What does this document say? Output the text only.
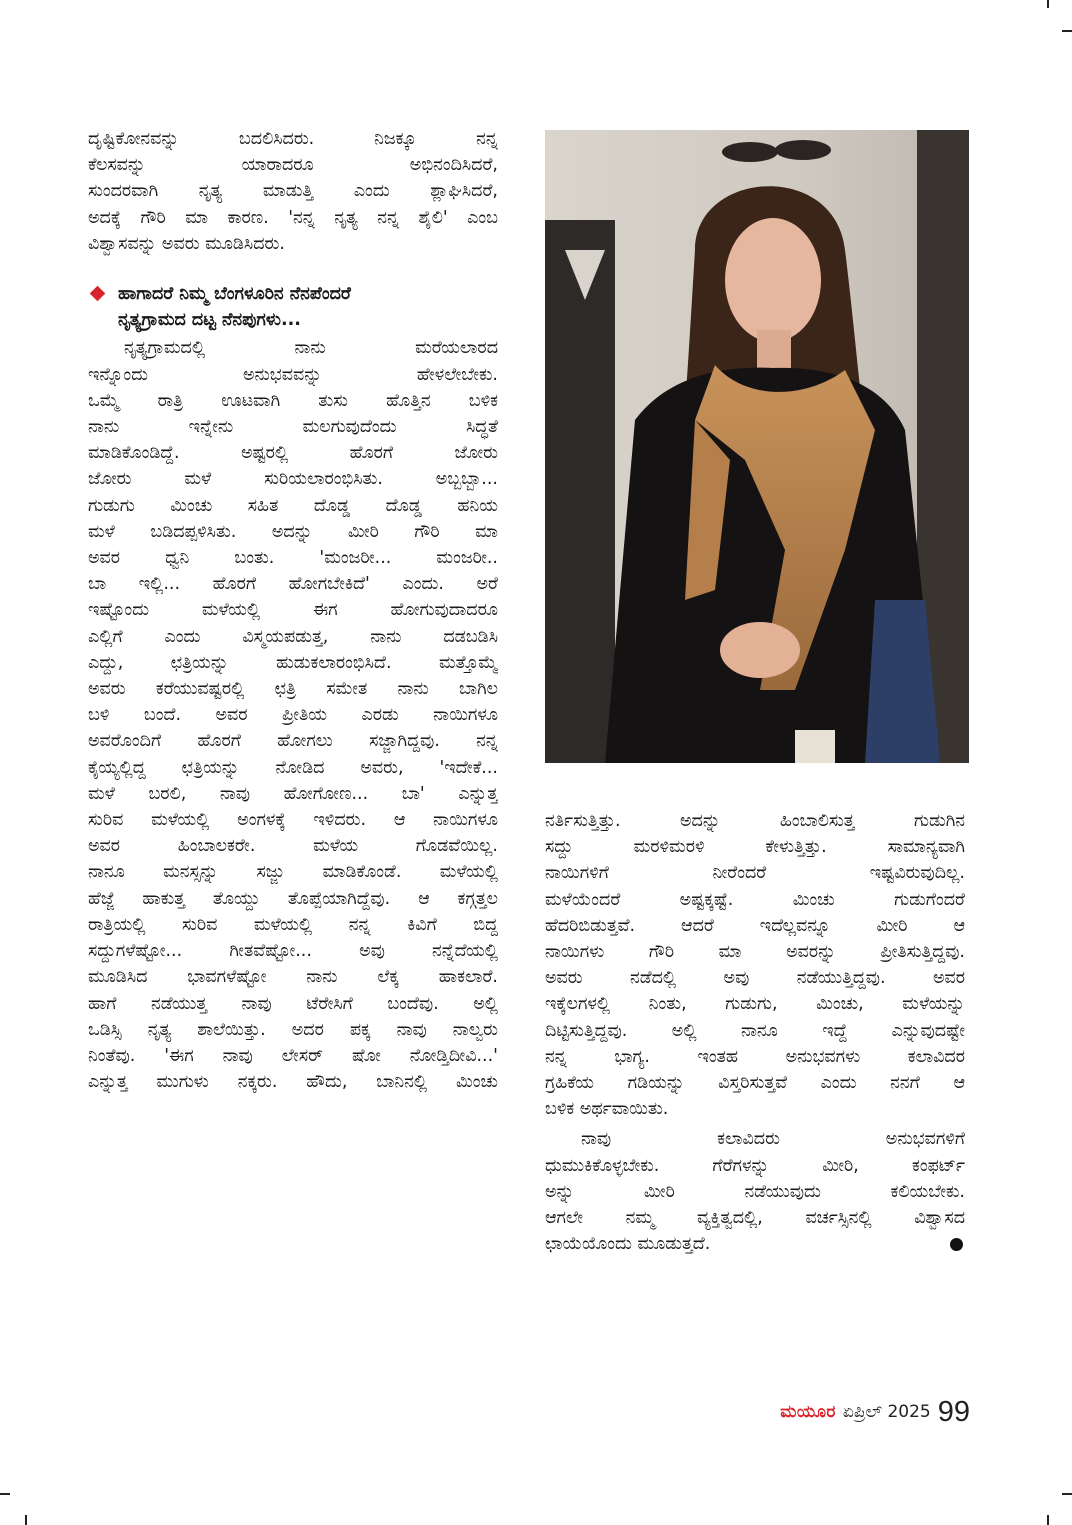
ದೃಷ್ಟಿಕೋನವನ್ನು ಬದಲಿಸಿದರು. ನಿಜಕ್ಕೂ ನನ್ನ
ಕೆಲಸವನ್ನು ಯಾರಾದರೂ ಅಭಿನಂದಿಸಿದರೆ,
ಸುಂದರವಾಗಿ ನೃತ್ಯ ಮಾಡುತ್ತಿ ಎಂದು ಶ್ಲಾಘಿಸಿದರೆ,
ಅದಕ್ಕೆ ಗೌರಿ ಮಾ ಕಾರಣ. 'ನನ್ನ ನೃತ್ಯ ನನ್ನ ಶೈಲಿ' ಎಂಬ
ವಿಶ್ವಾಸವನ್ನು ಅವರು ಮೂಡಿಸಿದರು.

ಹಾಗಾದರೆ ನಿಮ್ಮ ಬೆಂಗಳೂರಿನ ನೆನಪೆಂದರೆ
ನೃತ್ಯಗ್ರಾಮದ ದಟ್ಟ ನೆನಪುಗಳು...

ನೃತ್ಯಗ್ರಾಮದಲ್ಲಿ ನಾನು ಮರೆಯಲಾರದ
ಇನ್ನೊಂದು ಅನುಭವವನ್ನು ಹೇಳಲೇಬೇಕು.
ಒಮ್ಮೆ ರಾತ್ರಿ ಊಟವಾಗಿ ತುಸು ಹೊತ್ತಿನ ಬಳಿಕ
ನಾನು ಇನ್ನೇನು ಮಲಗುವುದೆಂದು ಸಿದ್ಧತೆ
ಮಾಡಿಕೊಂಡಿದ್ದೆ. ಅಷ್ಟರಲ್ಲಿ ಹೊರಗೆ ಜೋರು
ಜೋರು ಮಳೆ ಸುರಿಯಲಾರಂಭಿಸಿತು. ಅಬ್ಬಬ್ಬಾ...
ಗುಡುಗು ಮಿಂಚು ಸಹಿತ ದೊಡ್ಡ ದೊಡ್ಡ ಹನಿಯ
ಮಳೆ ಬಡಿದಪ್ಪಳಿಸಿತು. ಅದನ್ನು ಮೀರಿ ಗೌರಿ ಮಾ
ಅವರ ಧ್ವನಿ ಬಂತು. 'ಮಂಜರೀ... ಮಂಜರೀ..
ಬಾ ಇಲ್ಲಿ... ಹೊರಗೆ ಹೋಗಬೇಕಿದೆ' ಎಂದು. ಅರೆ
ಇಷ್ಟೊಂದು ಮಳೆಯಲ್ಲಿ ಈಗ ಹೋಗುವುದಾದರೂ
ಎಲ್ಲಿಗೆ ಎಂದು ವಿಸ್ಮಯಪಡುತ್ತ, ನಾನು ದಡಬಡಿಸಿ
ಎದ್ದು, ಛತ್ರಿಯನ್ನು ಹುಡುಕಲಾರಂಭಿಸಿದೆ. ಮತ್ತೊಮ್ಮೆ
ಅವರು ಕರೆಯುವಷ್ಟರಲ್ಲಿ ಛತ್ರಿ ಸಮೇತ ನಾನು ಬಾಗಿಲ
ಬಳಿ ಬಂದೆ. ಅವರ ಪ್ರೀತಿಯ ಎರಡು ನಾಯಿಗಳೂ
ಅವರೊಂದಿಗೆ ಹೊರಗೆ ಹೋಗಲು ಸಜ್ಜಾಗಿದ್ದವು. ನನ್ನ
ಕೈಯ್ಯಲ್ಲಿದ್ದ ಛತ್ರಿಯನ್ನು ನೋಡಿದ ಅವರು, 'ಇದೇಕೆ...
ಮಳೆ ಬರಲಿ, ನಾವು ಹೋಗೋಣ... ಬಾ' ಎನ್ನುತ್ತ
ಸುರಿವ ಮಳೆಯಲ್ಲಿ ಅಂಗಳಕ್ಕೆ ಇಳಿದರು. ಆ ನಾಯಿಗಳೂ
ಅವರ ಹಿಂಬಾಲಕರೇ. ಮಳೆಯ ಗೊಡವೆಯಿಲ್ಲ.
ನಾನೂ ಮನಸ್ಸನ್ನು ಸಜ್ಜು ಮಾಡಿಕೊಂಡೆ. ಮಳೆಯಲ್ಲಿ
ಹೆಜ್ಜೆ ಹಾಕುತ್ತ ತೊಯ್ದು ತೊಪ್ಪೆಯಾಗಿದ್ದೆವು. ಆ ಕಗ್ಗತ್ತಲ
ರಾತ್ರಿಯಲ್ಲಿ ಸುರಿವ ಮಳೆಯಲ್ಲಿ ನನ್ನ ಕಿವಿಗೆ ಬಿದ್ದ
ಸದ್ದುಗಳೆಷ್ಟೋ... ಗೀತವೆಷ್ಟೋ... ಅವು ನನ್ನೆದೆಯಲ್ಲಿ
ಮೂಡಿಸಿದ ಭಾವಗಳೆಷ್ಟೋ ನಾನು ಲೆಕ್ಕ ಹಾಕಲಾರೆ.
ಹಾಗೆ ನಡೆಯುತ್ತ ನಾವು ಟೆರೇಸಿಗೆ ಬಂದೆವು. ಅಲ್ಲಿ
ಒಡಿಸ್ಸಿ ನೃತ್ಯ ಶಾಲೆಯಿತ್ತು. ಅದರ ಪಕ್ಕ ನಾವು ನಾಲ್ವರು
ನಿಂತೆವು. 'ಈಗ ನಾವು ಲೇಸರ್ ಷೋ ನೋಡ್ತಿದೀವಿ...'
ಎನ್ನುತ್ತ ಮುಗುಳು ನಕ್ಕರು. ಹೌದು, ಬಾನಿನಲ್ಲಿ ಮಿಂಚು

ನರ್ತಿಸುತ್ತಿತ್ತು. ಅದನ್ನು ಹಿಂಬಾಲಿಸುತ್ತ ಗುಡುಗಿನ
ಸದ್ದು ಮರಳಿಮರಳಿ ಕೇಳುತ್ತಿತ್ತು. ಸಾಮಾನ್ಯವಾಗಿ
ನಾಯಿಗಳಿಗೆ ನೀರೆಂದರೆ ಇಷ್ಟವಿರುವುದಿಲ್ಲ.
ಮಳೆಯೆಂದರೆ ಅಷ್ಟಕ್ಕಷ್ಟೆ. ಮಿಂಚು ಗುಡುಗೆಂದರೆ
ಹೆದರಿಬಿಡುತ್ತವೆ. ಆದರೆ ಇದೆಲ್ಲವನ್ನೂ ಮೀರಿ ಆ
ನಾಯಿಗಳು ಗೌರಿ ಮಾ ಅವರನ್ನು ಪ್ರೀತಿಸುತ್ತಿದ್ದವು.
ಅವರು ನಡೆದಲ್ಲಿ ಅವು ನಡೆಯುತ್ತಿದ್ದವು. ಅವರ
ಇಕ್ಕೆಲಗಳಲ್ಲಿ ನಿಂತು, ಗುಡುಗು, ಮಿಂಚು, ಮಳೆಯನ್ನು
ದಿಟ್ಟಿಸುತ್ತಿದ್ದವು. ಅಲ್ಲಿ ನಾನೂ ಇದ್ದೆ ಎನ್ನುವುದಷ್ಟೇ
ನನ್ನ ಭಾಗ್ಯ. ಇಂತಹ ಅನುಭವಗಳು ಕಲಾವಿದರ
ಗ್ರಹಿಕೆಯ ಗಡಿಯನ್ನು ವಿಸ್ತರಿಸುತ್ತವೆ ಎಂದು ನನಗೆ ಆ
ಬಳಿಕ ಅರ್ಥವಾಯಿತು.

ನಾವು ಕಲಾವಿದರು ಅನುಭವಗಳಿಗೆ
ಧುಮುಕಿಕೊಳ್ಳಬೇಕು. ಗೆರೆಗಳನ್ನು ಮೀರಿ, ಕಂಫರ್ಟ್
ಅನ್ನು ಮೀರಿ ನಡೆಯುವುದು ಕಲಿಯಬೇಕು.
ಆಗಲೇ ನಮ್ಮ ವ್ಯಕ್ತಿತ್ವದಲ್ಲಿ, ವರ್ಚಸ್ಸಿನಲ್ಲಿ ವಿಶ್ವಾಸದ
ಛಾಯೆಯೊಂದು ಮೂಡುತ್ತದೆ.

ಮಯೂರ ಏಪ್ರಿಲ್ 2025 99
